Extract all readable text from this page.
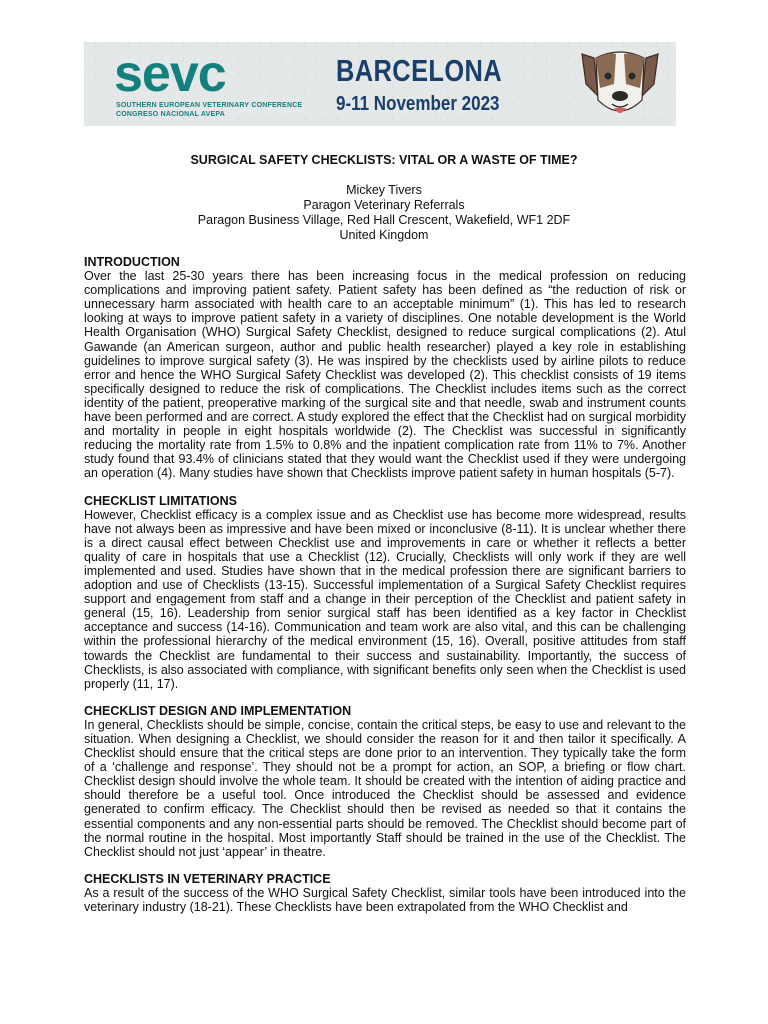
sevc
SOUTHERN EUROPEAN VETERINARY CONFERENCE
CONGRESO NACIONAL AVEPA
BARCELONA
9-11 November 2023
SURGICAL SAFETY CHECKLISTS: VITAL OR A WASTE OF TIME?
Mickey Tivers
Paragon Veterinary Referrals
Paragon Business Village, Red Hall Crescent, Wakefield, WF1 2DF
United Kingdom
INTRODUCTION

Over the last 25-30 years there has been increasing focus in the medical profession on reducing complications and improving patient safety. Patient safety has been defined as “the reduction of risk or unnecessary harm associated with health care to an acceptable minimum” (1). This has led to research looking at ways to improve patient safety in a variety of disciplines. One notable development is the World Health Organisation (WHO) Surgical Safety Checklist, designed to reduce surgical complications (2). Atul Gawande (an American surgeon, author and public health researcher) played a key role in establishing guidelines to improve surgical safety (3). He was inspired by the checklists used by airline pilots to reduce error and hence the WHO Surgical Safety Checklist was developed (2). This checklist consists of 19 items specifically designed to reduce the risk of complications. The Checklist includes items such as the correct identity of the patient, preoperative marking of the surgical site and that needle, swab and instrument counts have been performed and are correct. A study explored the effect that the Checklist had on surgical morbidity and mortality in people in eight hospitals worldwide (2). The Checklist was successful in significantly reducing the mortality rate from 1.5% to 0.8% and the inpatient complication rate from 11% to 7%. Another study found that 93.4% of clinicians stated that they would want the Checklist used if they were undergoing an operation (4). Many studies have shown that Checklists improve patient safety in human hospitals (5-7).

CHECKLIST LIMITATIONS

However, Checklist efficacy is a complex issue and as Checklist use has become more widespread, results have not always been as impressive and have been mixed or inconclusive (8-11). It is unclear whether there is a direct causal effect between Checklist use and improvements in care or whether it reflects a better quality of care in hospitals that use a Checklist (12). Crucially, Checklists will only work if they are well implemented and used. Studies have shown that in the medical profession there are significant barriers to adoption and use of Checklists (13-15). Successful implementation of a Surgical Safety Checklist requires support and engagement from staff and a change in their perception of the Checklist and patient safety in general (15, 16). Leadership from senior surgical staff has been identified as a key factor in Checklist acceptance and success (14-16). Communication and team work are also vital, and this can be challenging within the professional hierarchy of the medical environment (15, 16). Overall, positive attitudes from staff towards the Checklist are fundamental to their success and sustainability. Importantly, the success of Checklists, is also associated with compliance, with significant benefits only seen when the Checklist is used properly (11, 17).

CHECKLIST DESIGN AND IMPLEMENTATION

In general, Checklists should be simple, concise, contain the critical steps, be easy to use and relevant to the situation. When designing a Checklist, we should consider the reason for it and then tailor it specifically. A Checklist should ensure that the critical steps are done prior to an intervention. They typically take the form of a ‘challenge and response’. They should not be a prompt for action, an SOP, a briefing or flow chart. Checklist design should involve the whole team. It should be created with the intention of aiding practice and should therefore be a useful tool. Once introduced the Checklist should be assessed and evidence generated to confirm efficacy. The Checklist should then be revised as needed so that it contains the essential components and any non-essential parts should be removed. The Checklist should become part of the normal routine in the hospital. Most importantly Staff should be trained in the use of the Checklist. The Checklist should not just ‘appear’ in theatre.

CHECKLISTS IN VETERINARY PRACTICE

As a result of the success of the WHO Surgical Safety Checklist, similar tools have been introduced into the veterinary industry (18-21). These Checklists have been extrapolated from the WHO Checklist and
